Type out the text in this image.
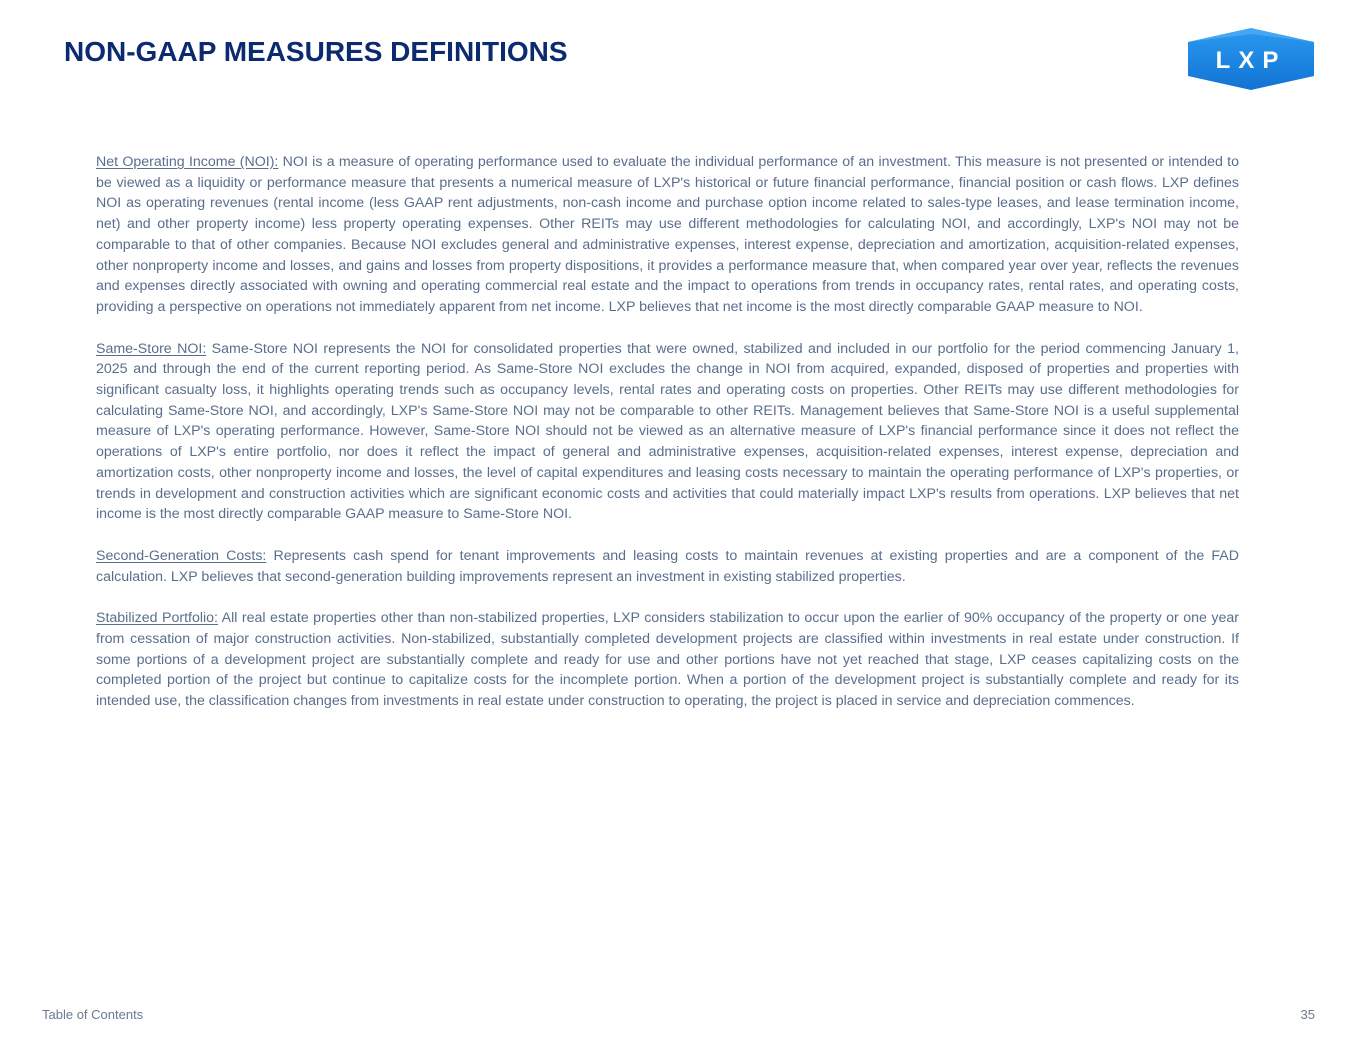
NON-GAAP MEASURES DEFINITIONS	LXP

Net Operating Income (NOI): NOI is a measure of operating performance used to evaluate the individual performance of an investment. This measure is not presented or intended to be viewed as a liquidity or performance measure that presents a numerical measure of LXP's historical or future financial performance, financial position or cash flows. LXP defines NOI as operating revenues (rental income (less GAAP rent adjustments, non-cash income and purchase option income related to sales-type leases, and lease termination income, net) and other property income) less property operating expenses. Other REITs may use different methodologies for calculating NOI, and accordingly, LXP's NOI may not be comparable to that of other companies. Because NOI excludes general and administrative expenses, interest expense, depreciation and amortization, acquisition-related expenses, other nonproperty income and losses, and gains and losses from property dispositions, it provides a performance measure that, when compared year over year, reflects the revenues and expenses directly associated with owning and operating commercial real estate and the impact to operations from trends in occupancy rates, rental rates, and operating costs, providing a perspective on operations not immediately apparent from net income. LXP believes that net income is the most directly comparable GAAP measure to NOI.

Same-Store NOI: Same-Store NOI represents the NOI for consolidated properties that were owned, stabilized and included in our portfolio for the period commencing January 1, 2025 and through the end of the current reporting period. As Same-Store NOI excludes the change in NOI from acquired, expanded, disposed of properties and properties with significant casualty loss, it highlights operating trends such as occupancy levels, rental rates and operating costs on properties. Other REITs may use different methodologies for calculating Same-Store NOI, and accordingly, LXP's Same-Store NOI may not be comparable to other REITs. Management believes that Same-Store NOI is a useful supplemental measure of LXP's operating performance. However, Same-Store NOI should not be viewed as an alternative measure of LXP's financial performance since it does not reflect the operations of LXP's entire portfolio, nor does it reflect the impact of general and administrative expenses, acquisition-related expenses, interest expense, depreciation and amortization costs, other nonproperty income and losses, the level of capital expenditures and leasing costs necessary to maintain the operating performance of LXP's properties, or trends in development and construction activities which are significant economic costs and activities that could materially impact LXP's results from operations. LXP believes that net income is the most directly comparable GAAP measure to Same-Store NOI.

Second-Generation Costs: Represents cash spend for tenant improvements and leasing costs to maintain revenues at existing properties and are a component of the FAD calculation. LXP believes that second-generation building improvements represent an investment in existing stabilized properties.

Stabilized Portfolio: All real estate properties other than non-stabilized properties, LXP considers stabilization to occur upon the earlier of 90% occupancy of the property or one year from cessation of major construction activities. Non-stabilized, substantially completed development projects are classified within investments in real estate under construction. If some portions of a development project are substantially complete and ready for use and other portions have not yet reached that stage, LXP ceases capitalizing costs on the completed portion of the project but continue to capitalize costs for the incomplete portion. When a portion of the development project is substantially complete and ready for its intended use, the classification changes from investments in real estate under construction to operating, the project is placed in service and depreciation commences.

Table of Contents	35
